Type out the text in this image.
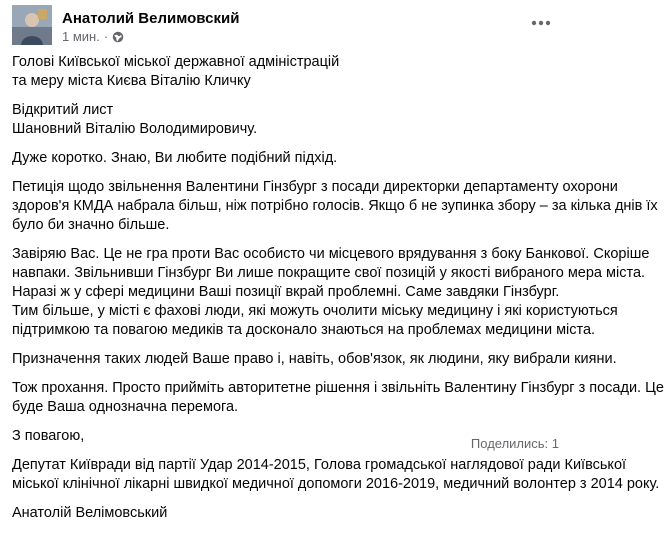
Анатолий Велимовский
1 мин. ·

Голові Київської міської державної адміністрацій
та меру міста Києва Віталію Кличку

Відкритий лист
Шановний Віталію Володимировичу.

Дуже коротко. Знаю, Ви любите подібний підхід.

Петиція щодо звільнення Валентини Гінзбург з посади директорки департаменту охорони
здоров'я КМДА набрала більш, ніж потрібно голосів. Якщо б не зупинка збору – за кілька днів їх
було би значно більше.

Завіряю Вас. Це не гра проти Вас особисто чи місцевого врядування з боку Банкової. Скоріше
навпаки. Звільнивши Гінзбург Ви лише покращите свої позицій у якості вибраного мера міста.
Наразі ж у сфері медицини Ваші позиції вкрай проблемні. Саме завдяки Гінзбург.
Тим більше, у місті є фахові люди, які можуть очолити міську медицину і які користуються
підтримкою та повагою медиків та досконало знаються на проблемах медицини міста.

Призначення таких людей Ваше право і, навіть, обов'язок, як людини, яку вибрали кияни.

Тож прохання. Просто прийміть авторитетне рішення і звільніть Валентину Гінзбург з посади. Це
буде Ваша однозначна перемога.

З повагою,

Депутат Київради від партії Удар 2014-2015, Голова громадської наглядової ради Київської
міської клінічної лікарні швидкої медичної допомоги 2016-2019, медичний волонтер з 2014 року.

Анатолій Велімовський

Поделились: 1
